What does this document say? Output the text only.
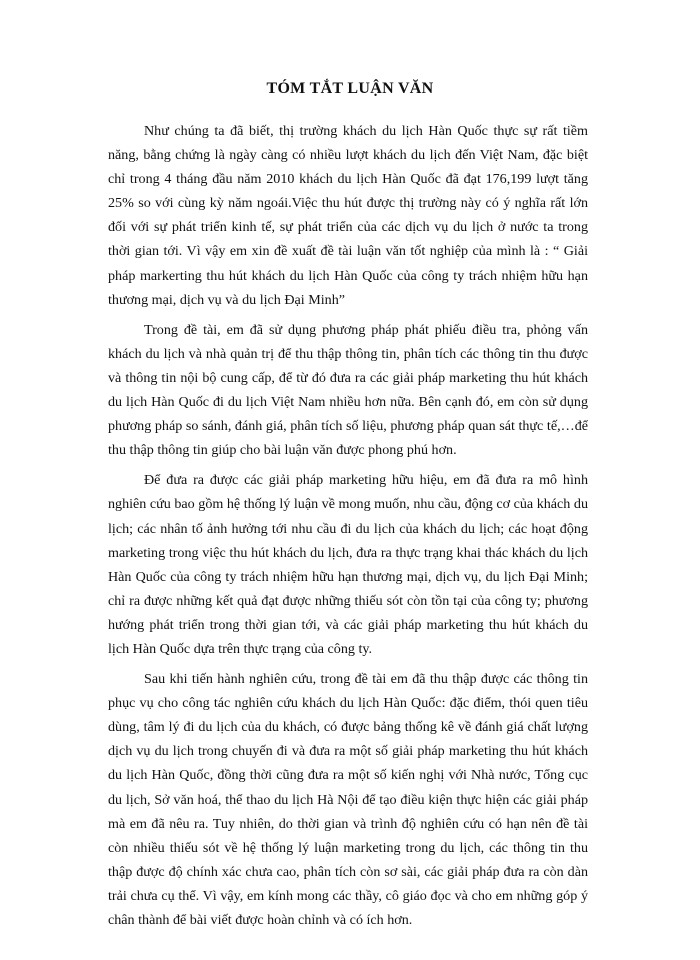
TÓM TẮT LUẬN VĂN

Như chúng ta đã biết, thị trường khách du lịch Hàn Quốc thực sự rất tiềm năng, bằng chứng là ngày càng có nhiều lượt khách du lịch đến Việt Nam, đặc biệt chỉ trong 4 tháng đầu năm 2010 khách du lịch Hàn Quốc đã đạt 176,199 lượt tăng 25% so với cùng kỳ năm ngoái.Việc thu hút được thị trường này có ý nghĩa rất lớn đối với sự phát triển kinh tế, sự phát triển của các dịch vụ du lịch ở nước ta trong thời gian tới. Vì vậy em xin đề xuất đề tài luận văn tốt nghiệp của mình là : “ Giải pháp markerting thu hút khách du lịch Hàn Quốc của công ty trách nhiệm hữu hạn thương mại, dịch vụ và du lịch Đại Minh”

Trong đề tài, em đã sử dụng phương pháp phát phiếu điều tra, phỏng vấn khách du lịch và nhà quản trị để thu thập thông tin, phân tích các thông tin thu được và thông tin nội bộ cung cấp, để từ đó đưa ra các giải pháp marketing thu hút khách du lịch Hàn Quốc đi du lịch Việt Nam nhiều hơn nữa. Bên cạnh đó, em còn sử dụng phương pháp so sánh, đánh giá, phân tích số liệu, phương pháp quan sát thực tế,…để thu thập thông tin giúp cho bài luận văn được phong phú hơn.

Để đưa ra được các giải pháp marketing hữu hiệu, em đã đưa ra mô hình nghiên cứu bao gồm hệ thống lý luận về mong muốn, nhu cầu, động cơ của khách du lịch; các nhân tố ảnh hưởng tới nhu cầu đi du lịch của khách du lịch; các hoạt động marketing trong việc thu hút khách du lịch, đưa ra thực trạng khai thác khách du lịch Hàn Quốc của công ty trách nhiệm hữu hạn thương mại, dịch vụ, du lịch Đại Minh; chỉ ra được những kết quả đạt được những thiếu sót còn tồn tại của công ty; phương hướng phát triển trong thời gian tới, và các giải pháp marketing thu hút khách du lịch Hàn Quốc dựa trên thực trạng của công ty.

Sau khi tiến hành nghiên cứu, trong đề tài em đã thu thập được các thông tin phục vụ cho công tác nghiên cứu khách du lịch Hàn Quốc: đặc điểm, thói quen tiêu dùng, tâm lý đi du lịch của du khách, có được bảng thống kê về đánh giá chất lượng dịch vụ du lịch trong chuyến đi và đưa ra một số giải pháp marketing thu hút khách du lịch Hàn Quốc, đồng thời cũng đưa ra một số kiến nghị với Nhà nước, Tổng cục du lịch, Sở văn hoá, thể thao du lịch Hà Nội để tạo điều kiện thực hiện các giải pháp mà em đã nêu ra. Tuy nhiên, do thời gian và trình độ nghiên cứu có hạn nên đề tài còn nhiều thiếu sót về hệ thống lý luận marketing trong du lịch, các thông tin thu thập được độ chính xác chưa cao, phân tích còn sơ sài, các giải pháp đưa ra còn dàn trải chưa cụ thể. Vì vậy, em kính mong các thầy, cô giáo đọc và cho em những góp ý chân thành để bài viết được hoàn chỉnh và có ích hơn.
